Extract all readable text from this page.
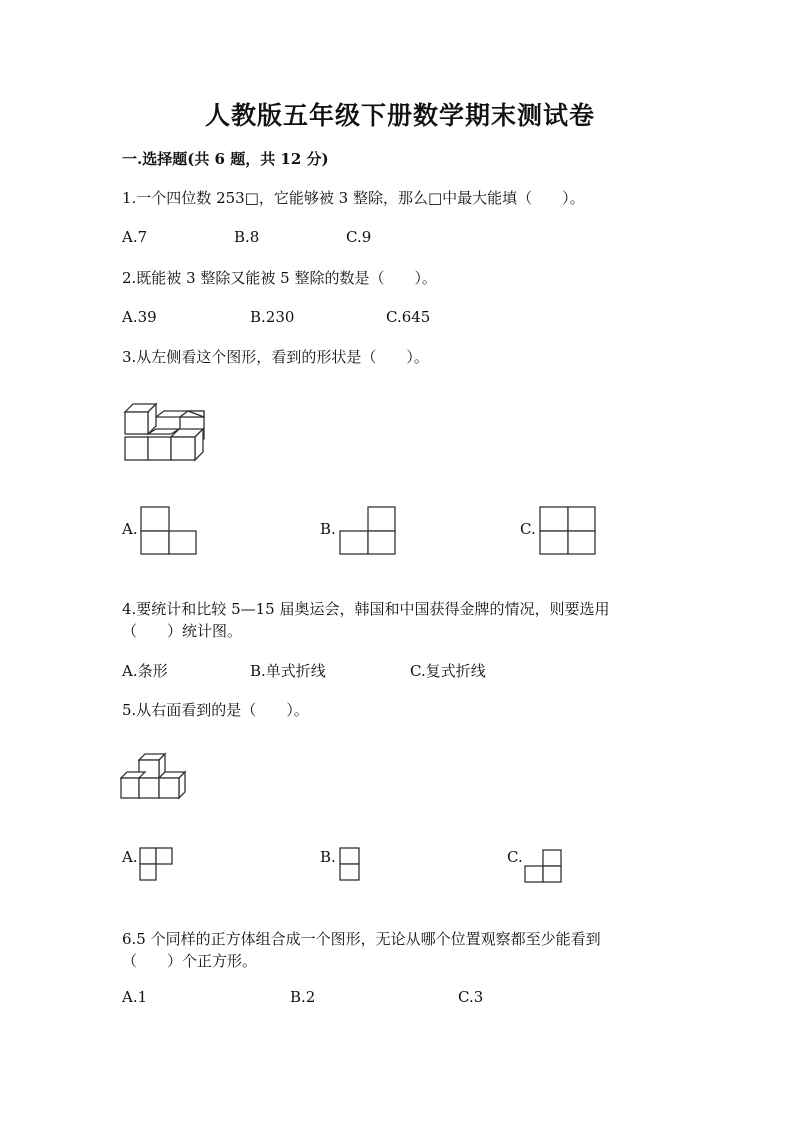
人教版五年级下册数学期末测试卷
一.选择题(共 6 题，共 12 分)
1.一个四位数 253□，它能够被 3 整除，那么□中最大能填（　　）。
A.7	B.8	C.9
2.既能被 3 整除又能被 5 整除的数是（　　）。
A.39	B.230	C.645
3.从左侧看这个图形，看到的形状是（　　）。
A.	B.	C.
4.要统计和比较 5—15 届奥运会，韩国和中国获得金牌的情况，则要选用
（　　）统计图。
A.条形	B.单式折线	C.复式折线
5.从右面看到的是（　　）。
A.	B.	C.
6.5 个同样的正方体组合成一个图形，无论从哪个位置观察都至少能看到
（　　）个正方形。
A.1	B.2	C.3
